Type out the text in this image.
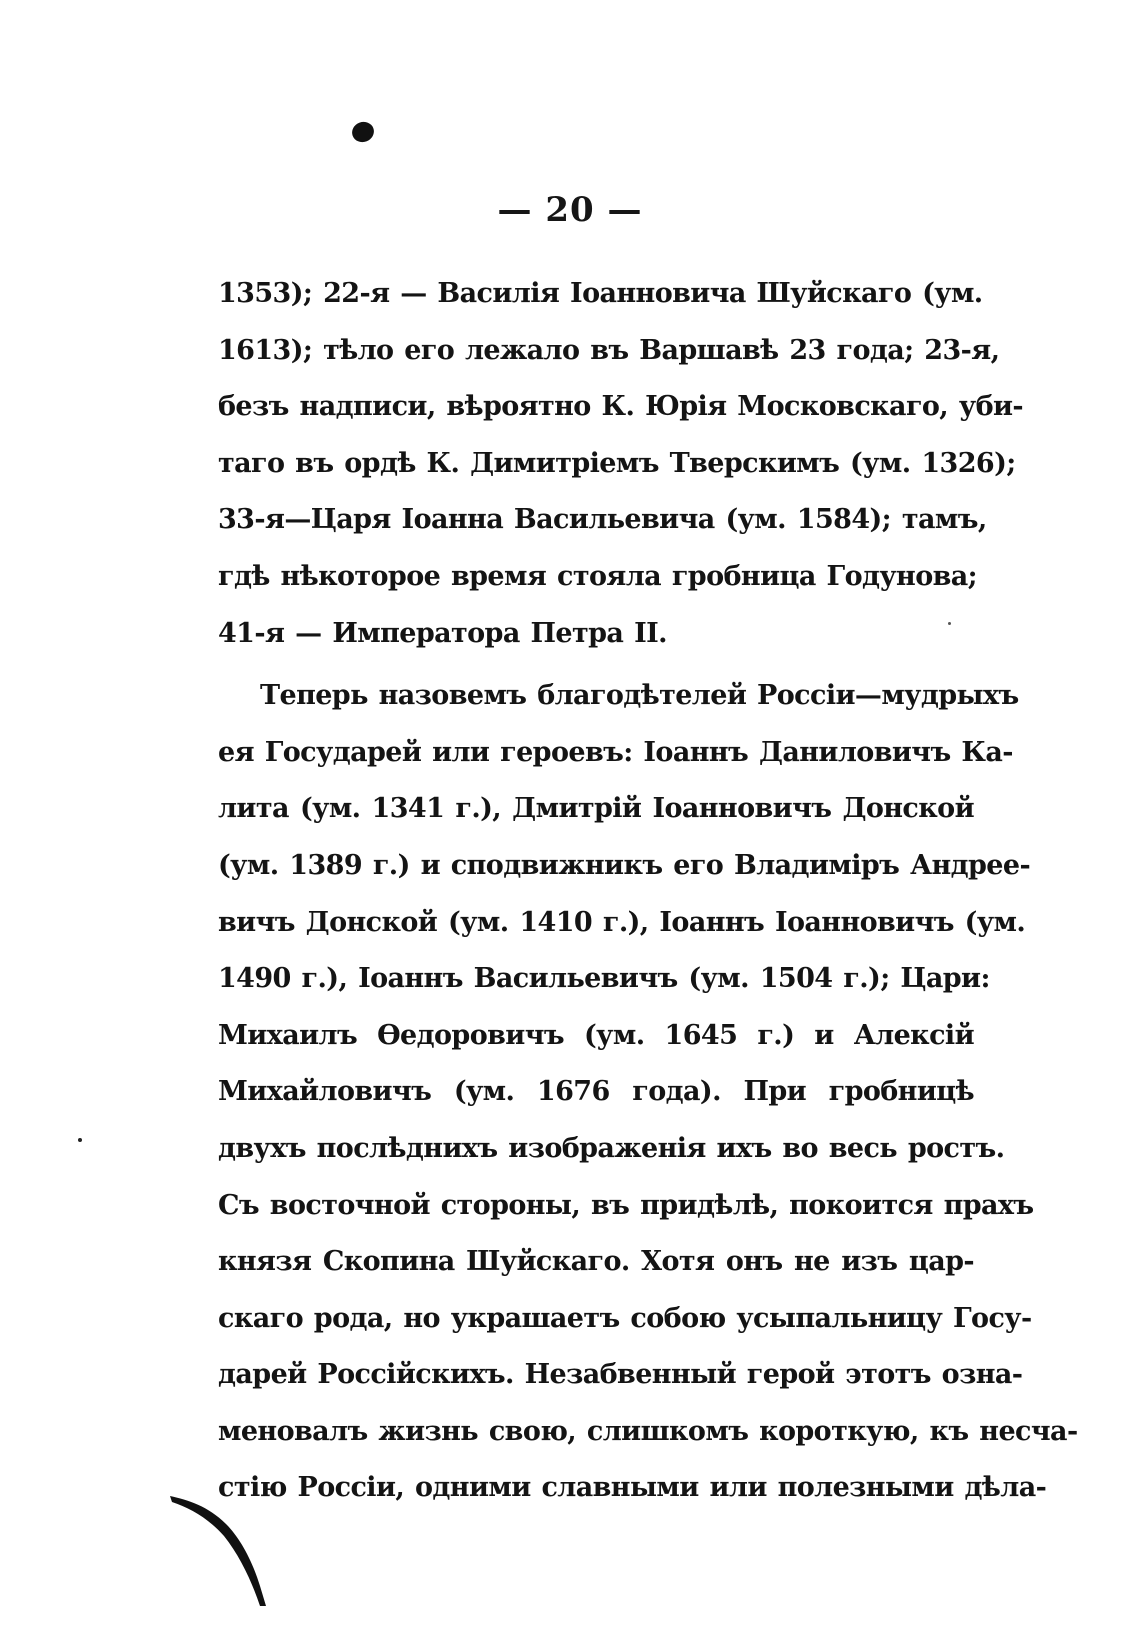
— 20 —
1353); 22-я — Василія Іоанновича Шуйскаго (ум.
1613); тѣло его лежало въ Варшавѣ 23 года; 23-я,
безъ надписи, вѣроятно К. Юрія Московскаго, уби-
таго въ ордѣ К. Димитріемъ Тверскимъ (ум. 1326);
33-я—Царя Іоанна Васильевича (ум. 1584); тамъ,
гдѣ нѣкоторое время стояла гробница Годунова;
41-я — Императора Петра II.
Теперь назовемъ благодѣтелей Россіи—мудрыхъ
ея Государей или героевъ: Іоаннъ Даниловичъ Ка-
лита (ум. 1341 г.), Дмитрій Іоанновичъ Донской
(ум. 1389 г.) и сподвижникъ его Владиміръ Андрее-
вичъ Донской (ум. 1410 г.), Іоаннъ Іоанновичъ (ум.
1490 г.), Іоаннъ Васильевичъ (ум. 1504 г.); Цари:
Михаилъ Ѳедоровичъ (ум. 1645 г.) и Алексій
Михайловичъ (ум. 1676 года). При гробницѣ
двухъ послѣднихъ изображенія ихъ во весь ростъ.
Съ восточной стороны, въ придѣлѣ, покоится прахъ
князя Скопина Шуйскаго. Хотя онъ не изъ цар-
скаго рода, но украшаетъ собою усыпальницу Госу-
дарей Россійскихъ. Незабвенный герой этотъ озна-
меновалъ жизнь свою, слишкомъ короткую, къ несча-
стію Россіи, одними славными или полезными дѣла-
